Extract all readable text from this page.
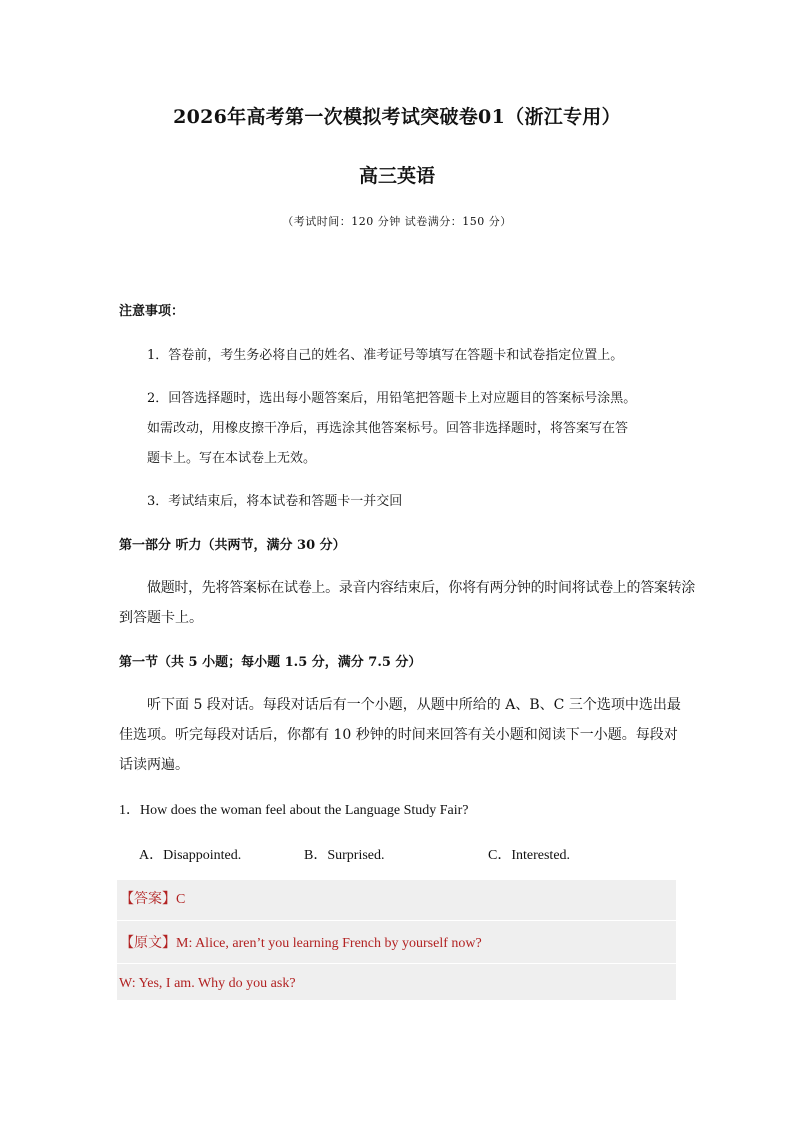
2026年高考第一次模拟考试突破卷01（浙江专用）
高三英语
（考试时间：120 分钟 试卷满分：150 分）
注意事项：
1．答卷前，考生务必将自己的姓名、准考证号等填写在答题卡和试卷指定位置上。
2．回答选择题时，选出每小题答案后，用铅笔把答题卡上对应题目的答案标号涂黑。
如需改动，用橡皮擦干净后，再选涂其他答案标号。回答非选择题时，将答案写在答
题卡上。写在本试卷上无效。
3．考试结束后，将本试卷和答题卡一并交回
第一部分 听力（共两节，满分 30 分）
做题时，先将答案标在试卷上。录音内容结束后，你将有两分钟的时间将试卷上的答案转涂
到答题卡上。
第一节（共 5 小题；每小题 1.5 分，满分 7.5 分）
听下面 5 段对话。每段对话后有一个小题，从题中所给的 A、B、C 三个选项中选出最
佳选项。听完每段对话后，你都有 10 秒钟的时间来回答有关小题和阅读下一小题。每段对
话读两遍。
1．How does the woman feel about the Language Study Fair?
A．Disappointed.	B．Surprised.	C．Interested.
【答案】C
【原文】M: Alice, aren’t you learning French by yourself now?
W: Yes, I am. Why do you ask?
